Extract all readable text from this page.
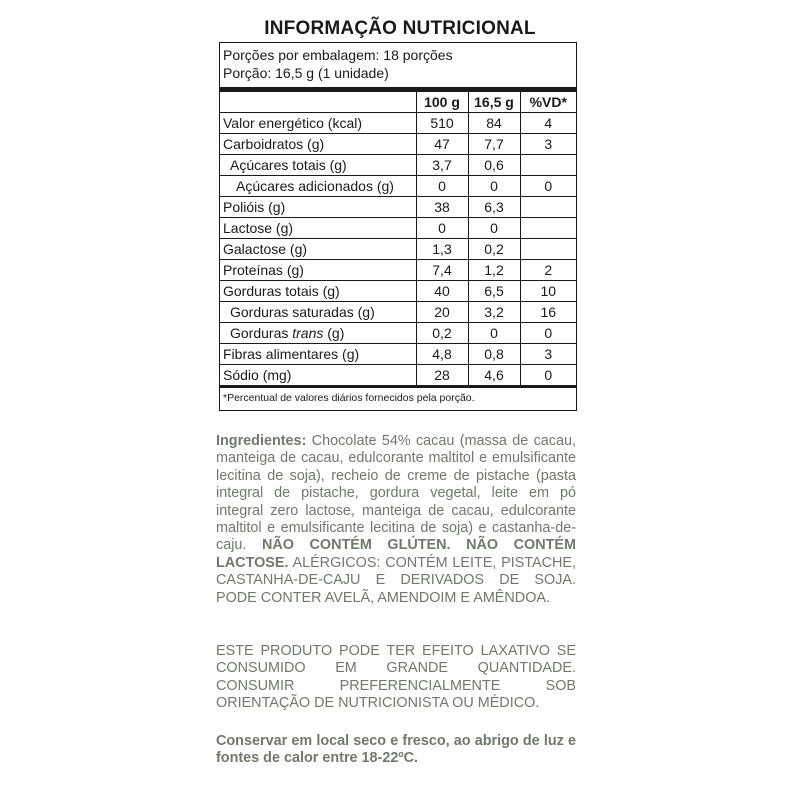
INFORMAÇÃO NUTRICIONAL
Porções por embalagem: 18 porções
Porção: 16,5 g (1 unidade)
	100 g	16,5 g	%VD*
Valor energético (kcal)	510	84	4
Carboidratos (g)	47	7,7	3
Açúcares totais (g)	3,7	0,6	
Açúcares adicionados (g)	0	0	0
Polióis (g)	38	6,3	
Lactose (g)	0	0	
Galactose (g)	1,3	0,2	
Proteínas (g)	7,4	1,2	2
Gorduras totais (g)	40	6,5	10
Gorduras saturadas (g)	20	3,2	16
Gorduras trans (g)	0,2	0	0
Fibras alimentares (g)	4,8	0,8	3
Sódio (mg)	28	4,6	0
*Percentual de valores diários fornecidos pela porção.
Ingredientes: Chocolate 54% cacau (massa de cacau, manteiga de cacau, edulcorante maltitol e emulsificante lecitina de soja), recheio de creme de pistache (pasta integral de pistache, gordura vegetal, leite em pó integral zero lactose, manteiga de cacau, edulcorante maltitol e emulsificante lecitina de soja) e castanha-de-caju. NÃO CONTÉM GLÚTEN. NÃO CONTÉM LACTOSE. ALÉRGICOS: CONTÉM LEITE, PISTACHE, CASTANHA-DE-CAJU E DERIVADOS DE SOJA. PODE CONTER AVELÃ, AMENDOIM E AMÊNDOA.
ESTE PRODUTO PODE TER EFEITO LAXATIVO SE CONSUMIDO EM GRANDE QUANTIDADE. CONSUMIR PREFERENCIALMENTE SOB ORIENTAÇÃO DE NUTRICIONISTA OU MÉDICO.
Conservar em local seco e fresco, ao abrigo de luz e fontes de calor entre 18-22ºC.
